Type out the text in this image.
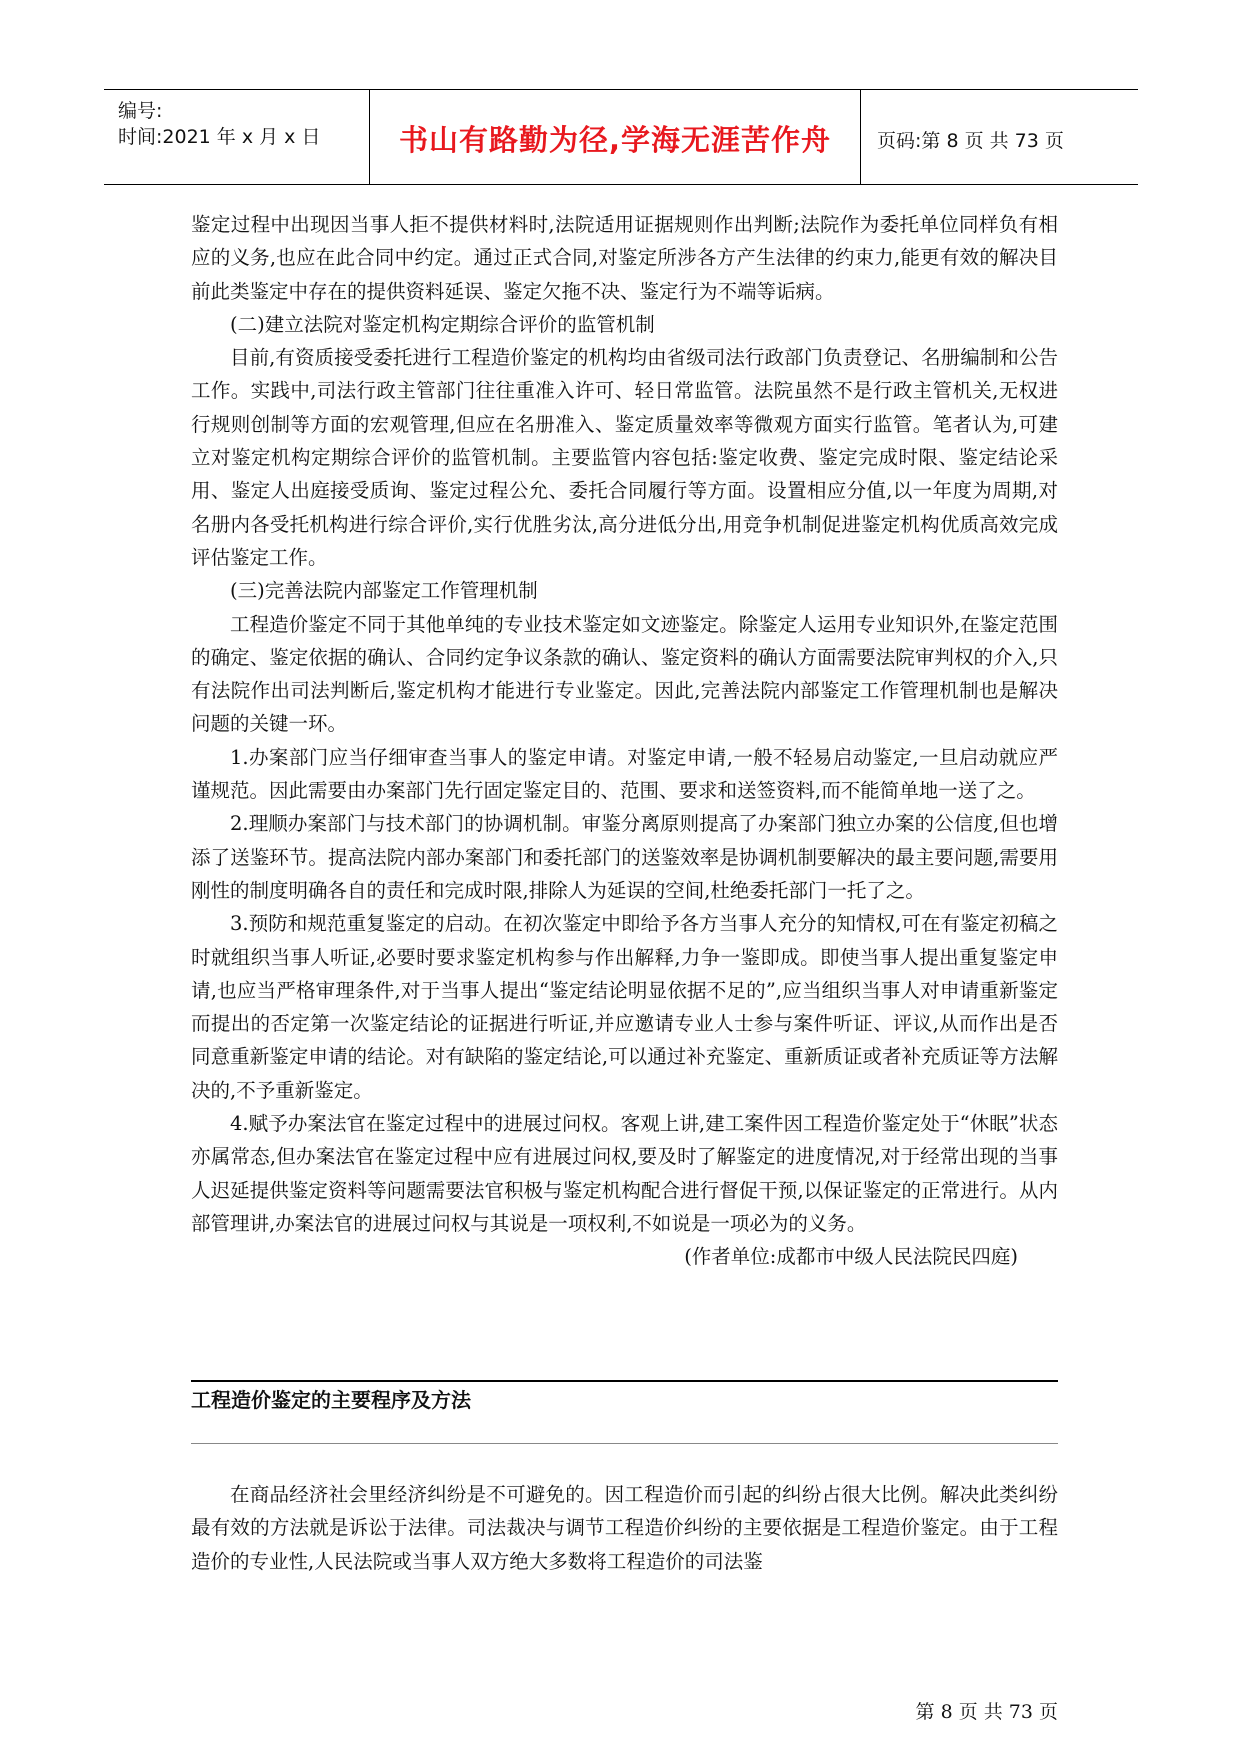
编号:
时间:2021 年 x 月 x 日	书山有路勤为径,学海无涯苦作舟	页码:第 8 页 共 73 页

鉴定过程中出现因当事人拒不提供材料时,法院适用证据规则作出判断;法院作为委托单位同样负有相应的义务,也应在此合同中约定。通过正式合同,对鉴定所涉各方产生法律的约束力,能更有效的解决目前此类鉴定中存在的提供资料延误、鉴定欠拖不决、鉴定行为不端等诟病。

(二)建立法院对鉴定机构定期综合评价的监管机制

目前,有资质接受委托进行工程造价鉴定的机构均由省级司法行政部门负责登记、名册编制和公告工作。实践中,司法行政主管部门往往重准入许可、轻日常监管。法院虽然不是行政主管机关,无权进行规则创制等方面的宏观管理,但应在名册准入、鉴定质量效率等微观方面实行监管。笔者认为,可建立对鉴定机构定期综合评价的监管机制。主要监管内容包括:鉴定收费、鉴定完成时限、鉴定结论采用、鉴定人出庭接受质询、鉴定过程公允、委托合同履行等方面。设置相应分值,以一年度为周期,对名册内各受托机构进行综合评价,实行优胜劣汰,高分进低分出,用竞争机制促进鉴定机构优质高效完成评估鉴定工作。

(三)完善法院内部鉴定工作管理机制

工程造价鉴定不同于其他单纯的专业技术鉴定如文迹鉴定。除鉴定人运用专业知识外,在鉴定范围的确定、鉴定依据的确认、合同约定争议条款的确认、鉴定资料的确认方面需要法院审判权的介入,只有法院作出司法判断后,鉴定机构才能进行专业鉴定。因此,完善法院内部鉴定工作管理机制也是解决问题的关键一环。

1.办案部门应当仔细审查当事人的鉴定申请。对鉴定申请,一般不轻易启动鉴定,一旦启动就应严谨规范。因此需要由办案部门先行固定鉴定目的、范围、要求和送签资料,而不能简单地一送了之。

2.理顺办案部门与技术部门的协调机制。审鉴分离原则提高了办案部门独立办案的公信度,但也增添了送鉴环节。提高法院内部办案部门和委托部门的送鉴效率是协调机制要解决的最主要问题,需要用刚性的制度明确各自的责任和完成时限,排除人为延误的空间,杜绝委托部门一托了之。

3.预防和规范重复鉴定的启动。在初次鉴定中即给予各方当事人充分的知情权,可在有鉴定初稿之时就组织当事人听证,必要时要求鉴定机构参与作出解释,力争一鉴即成。即使当事人提出重复鉴定申请,也应当严格审理条件,对于当事人提出“鉴定结论明显依据不足的”,应当组织当事人对申请重新鉴定而提出的否定第一次鉴定结论的证据进行听证,并应邀请专业人士参与案件听证、评议,从而作出是否同意重新鉴定申请的结论。对有缺陷的鉴定结论,可以通过补充鉴定、重新质证或者补充质证等方法解决的,不予重新鉴定。

4.赋予办案法官在鉴定过程中的进展过问权。客观上讲,建工案件因工程造价鉴定处于“休眠”状态亦属常态,但办案法官在鉴定过程中应有进展过问权,要及时了解鉴定的进度情况,对于经常出现的当事人迟延提供鉴定资料等问题需要法官积极与鉴定机构配合进行督促干预,以保证鉴定的正常进行。从内部管理讲,办案法官的进展过问权与其说是一项权利,不如说是一项必为的义务。

(作者单位:成都市中级人民法院民四庭)

工程造价鉴定的主要程序及方法

在商品经济社会里经济纠纷是不可避免的。因工程造价而引起的纠纷占很大比例。解决此类纠纷最有效的方法就是诉讼于法律。司法裁决与调节工程造价纠纷的主要依据是工程造价鉴定。由于工程造价的专业性,人民法院或当事人双方绝大多数将工程造价的司法鉴

第 8 页 共 73 页
